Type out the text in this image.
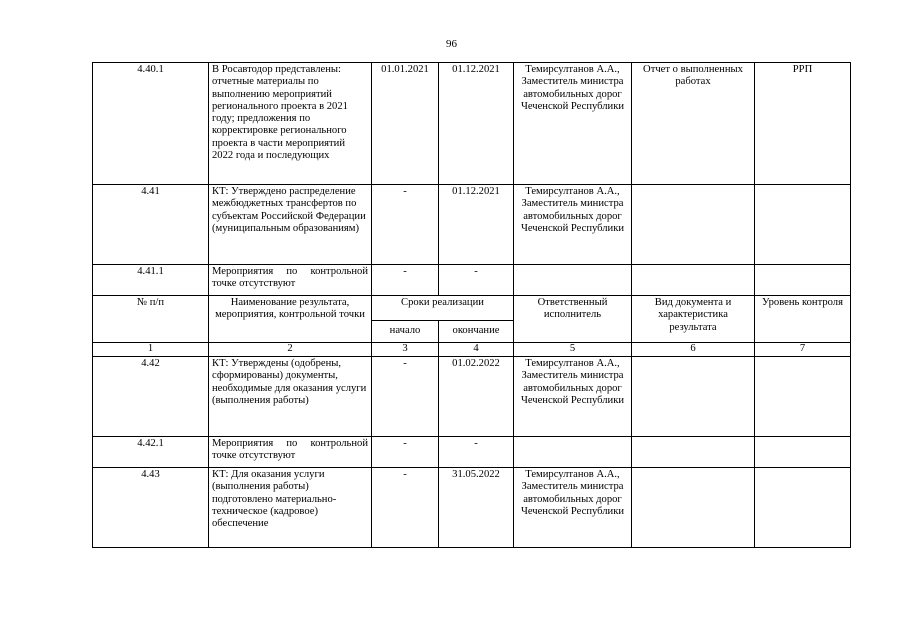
96
4.40.1	В Росавтодор представлены: отчетные материалы по выполнению мероприятий регионального проекта в 2021 году; предложения по корректировке регионального проекта в части мероприятий 2022 года и последующих	01.01.2021	01.12.2021	Темирсултанов А.А., Заместитель министра автомобильных дорог Чеченской Республики	Отчет о выполненных работах	РРП
4.41	КТ: Утверждено распределение межбюджетных трансфертов по субъектам Российской Федерации (муниципальным образованиям)	-	01.12.2021	Темирсултанов А.А., Заместитель министра автомобильных дорог Чеченской Республики		
4.41.1	Мероприятия по контрольной точке отсутствуют	-	-			
№ п/п	Наименование результата, мероприятия, контрольной точки	Сроки реализации		Ответственный исполнитель	Вид документа и характеристика результата	Уровень контроля
		начало	окончание			
1	2	3	4	5	6	7
4.42	КТ: Утверждены (одобрены, сформированы) документы, необходимые для оказания услуги (выполнения работы)	-	01.02.2022	Темирсултанов А.А., Заместитель министра автомобильных дорог Чеченской Республики		
4.42.1	Мероприятия по контрольной точке отсутствуют	-	-			
4.43	КТ: Для оказания услуги (выполнения работы) подготовлено материально-техническое (кадровое) обеспечение	-	31.05.2022	Темирсултанов А.А., Заместитель министра автомобильных дорог Чеченской Республики		
